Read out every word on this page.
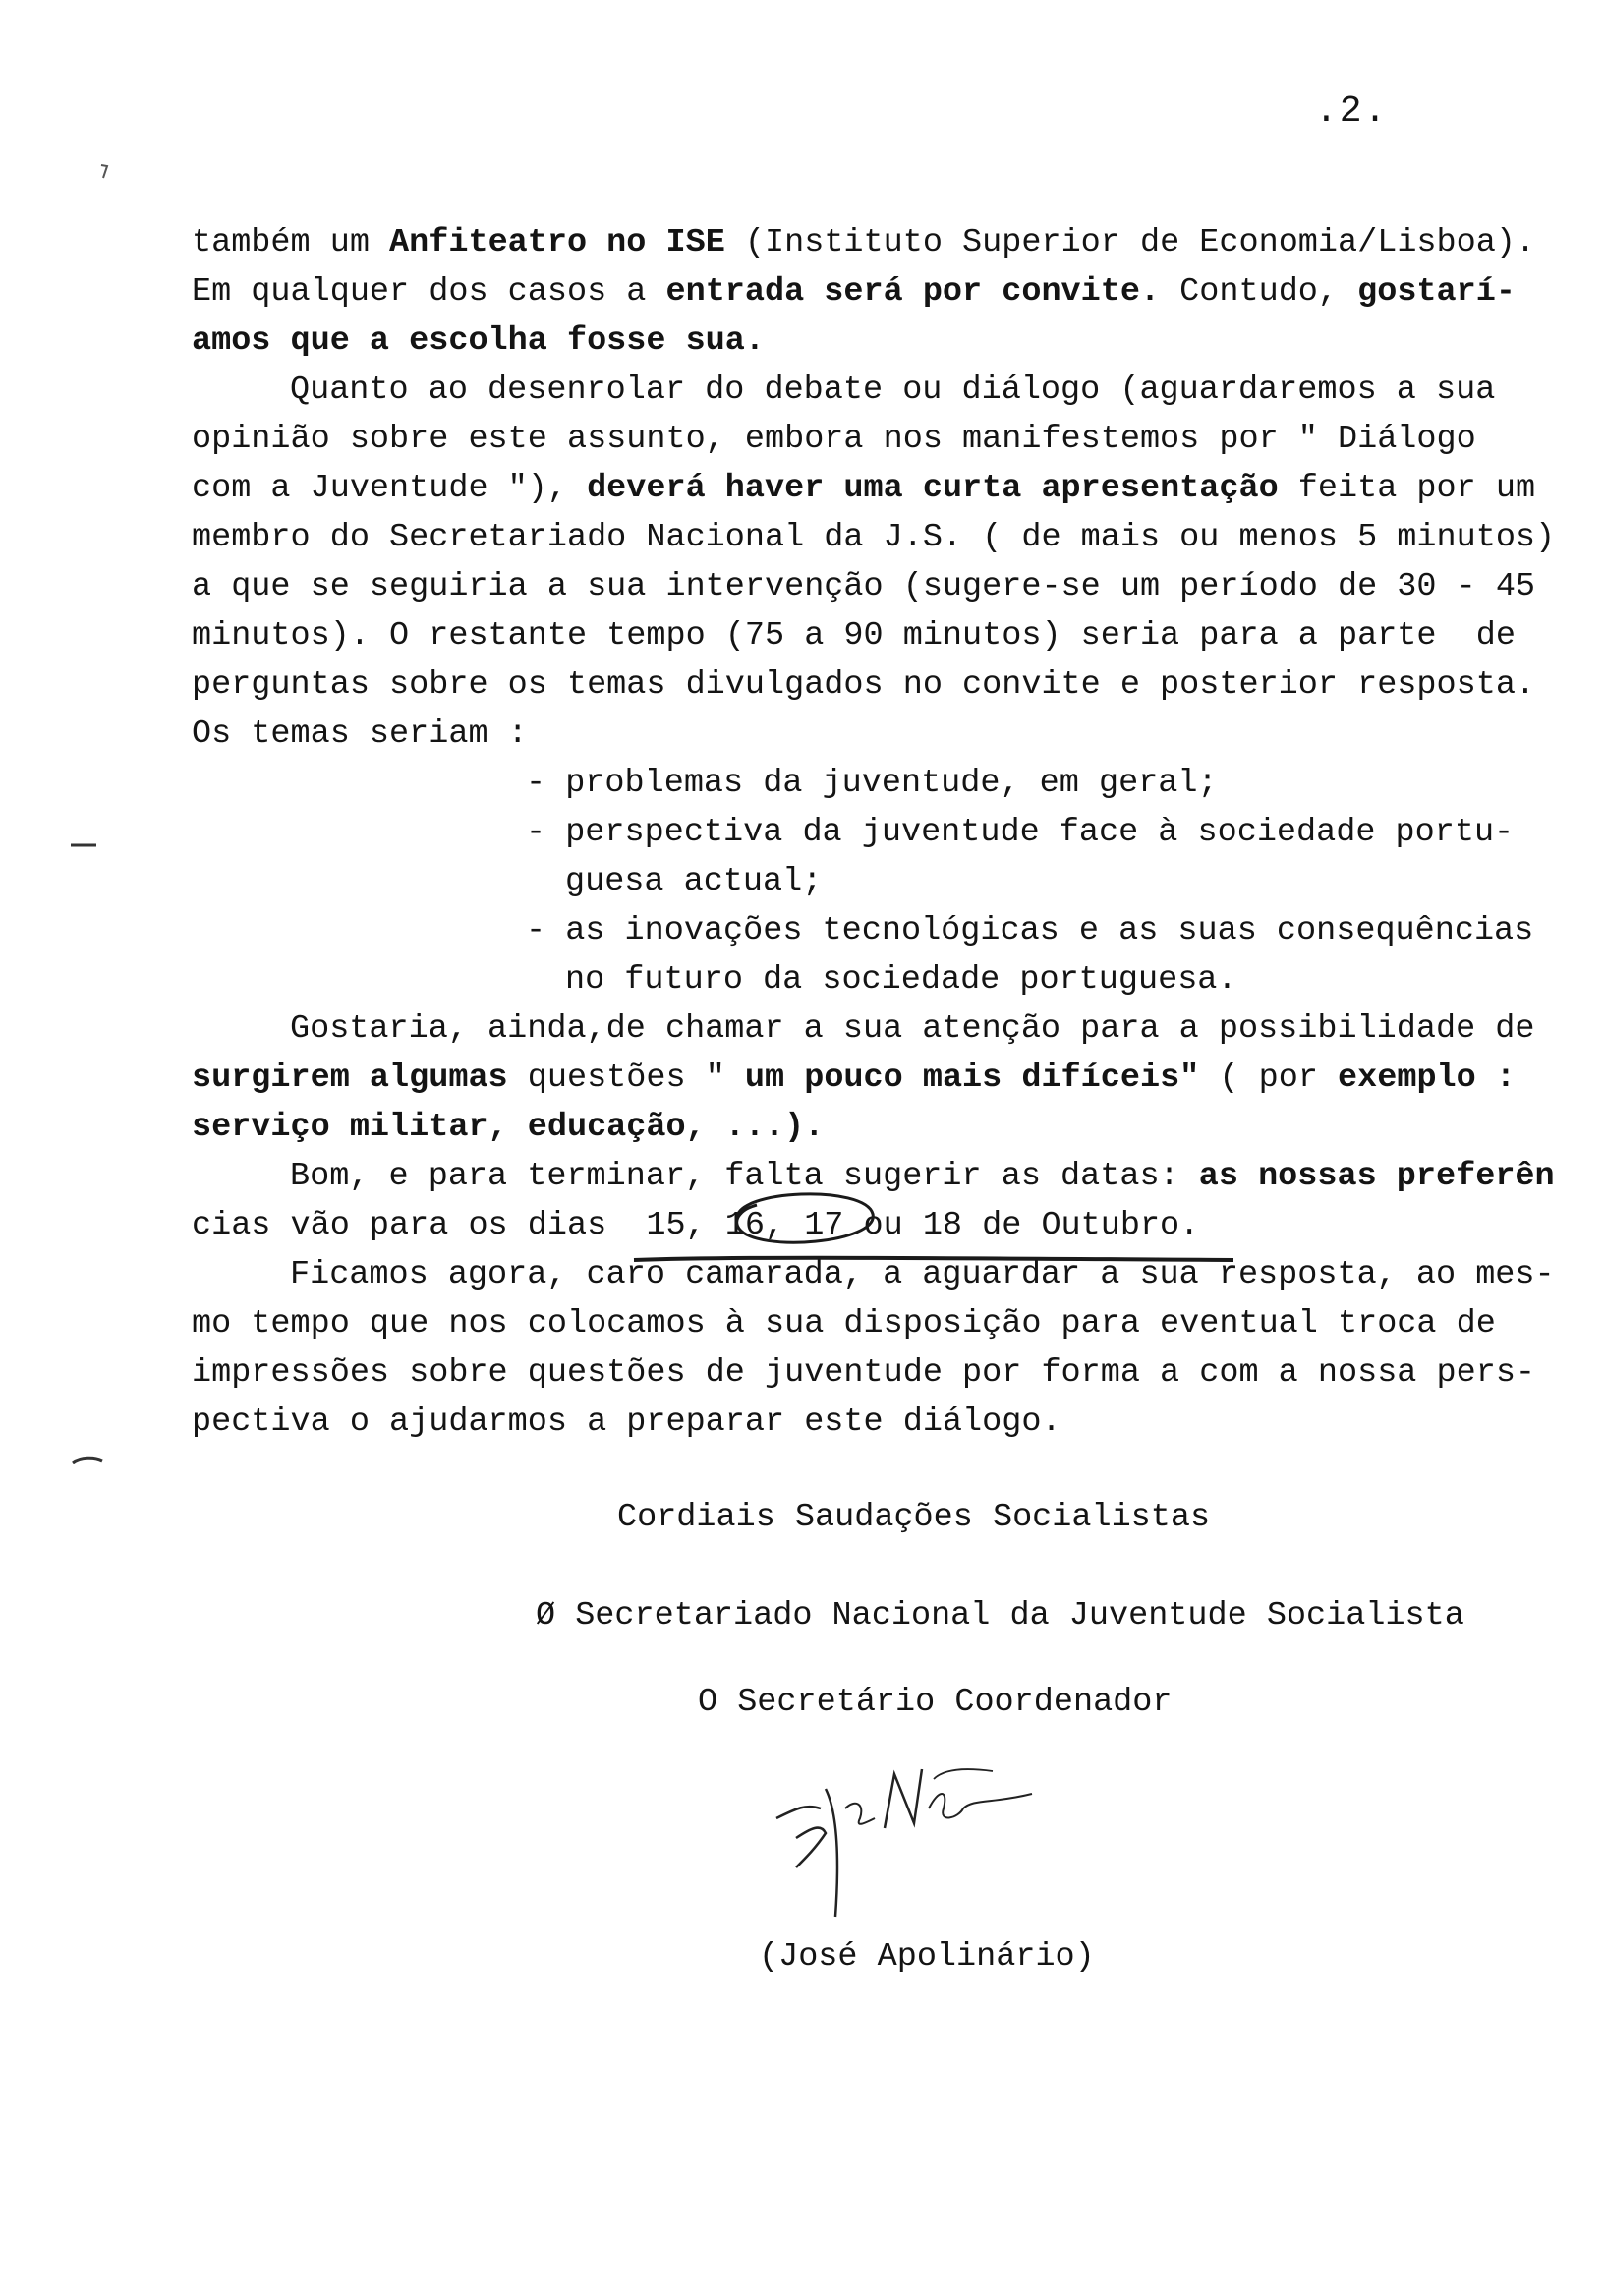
.2.
também um Anfiteatro no ISE (Instituto Superior de Economia/Lisboa).
Em qualquer dos casos a entrada será por convite. Contudo, gostarí-
amos que a escolha fosse sua.
Quanto ao desenrolar do debate ou diálogo (aguardaremos a sua
opinião sobre este assunto, embora nos manifestemos por " Diálogo
com a Juventude "), deverá haver uma curta apresentação feita por um
membro do Secretariado Nacional da J.S. ( de mais ou menos 5 minutos)
a que se seguiria a sua intervenção (sugere-se um período de 30 - 45
minutos). O restante tempo (75 a 90 minutos) seria para a parte  de
perguntas sobre os temas divulgados no convite e posterior resposta.
Os temas seriam :
- problemas da juventude, em geral;
- perspectiva da juventude face à sociedade portu-
guesa actual;
- as inovações tecnológicas e as suas consequências
no futuro da sociedade portuguesa.
Gostaria, ainda,de chamar a sua atenção para a possibilidade de
surgirem algumas questões " um pouco mais difíceis" ( por exemplo :
serviço militar, educação, ...).
Bom, e para terminar, falta sugerir as datas: as nossas preferên
cias vão para os dias  15, 16, 17 ou 18 de Outubro.
Ficamos agora, caro camarada, a aguardar a sua resposta, ao mes-
mo tempo que nos colocamos à sua disposição para eventual troca de
impressões sobre questões de juventude por forma a com a nossa pers-
pectiva o ajudarmos a preparar este diálogo.
Cordiais Saudações Socialistas
Ø Secretariado Nacional da Juventude Socialista
O Secretário Coordenador
(José Apolinário)
